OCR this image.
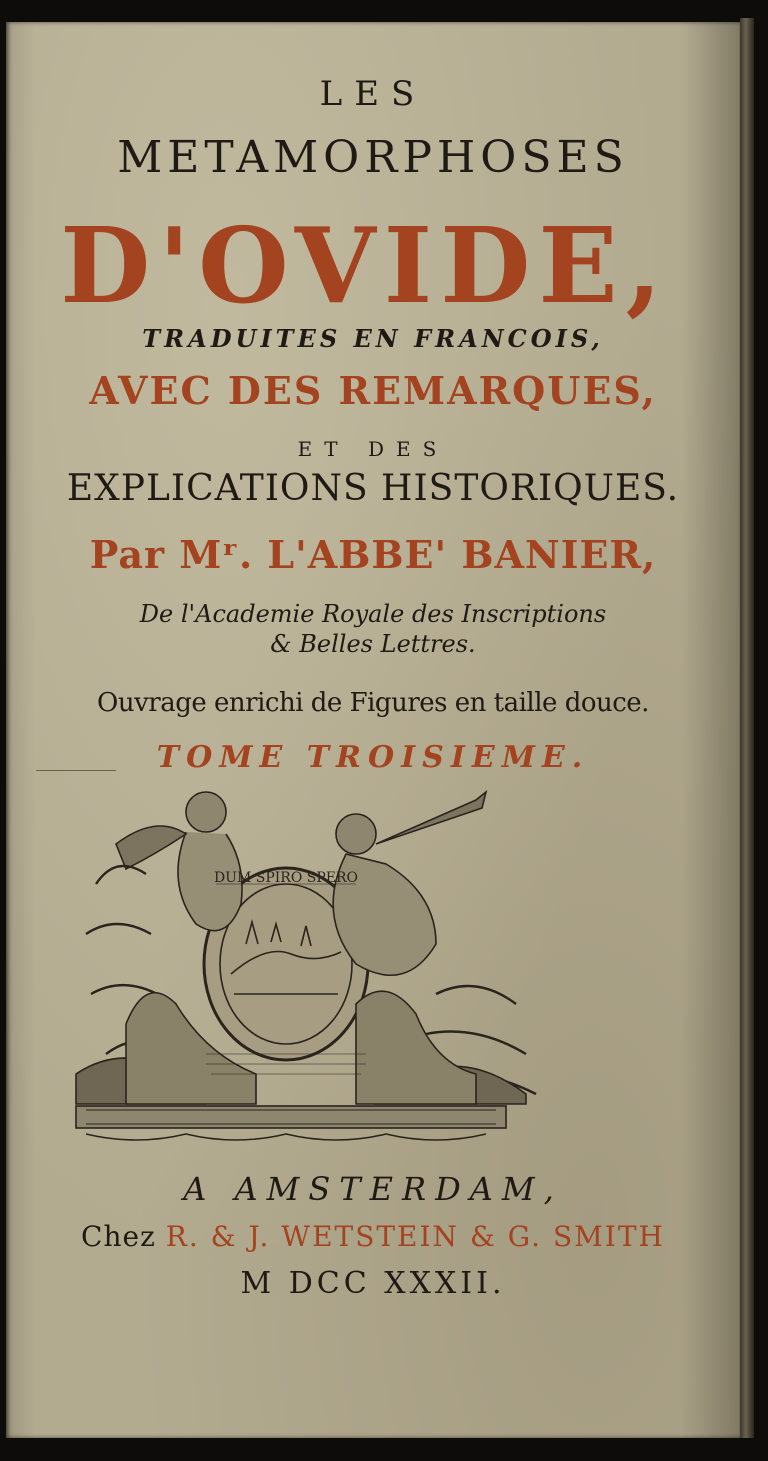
LES
METAMORPHOSES
D'OVIDE,
TRADUITES EN FRANCOIS,
AVEC DES REMARQUES,
ET DES
EXPLICATIONS HISTORIQUES.
Par Mʳ. L'ABBE' BANIER,
De l'Academie Royale des Inscriptions
& Belles Lettres.
Ouvrage enrichi de Figures en taille douce.
TOME TROISIEME.
DUM SPIRO SPERO
A AMSTERDAM,
Chez R. & J. WETSTEIN & G. SMITH
M DCC XXXII.
